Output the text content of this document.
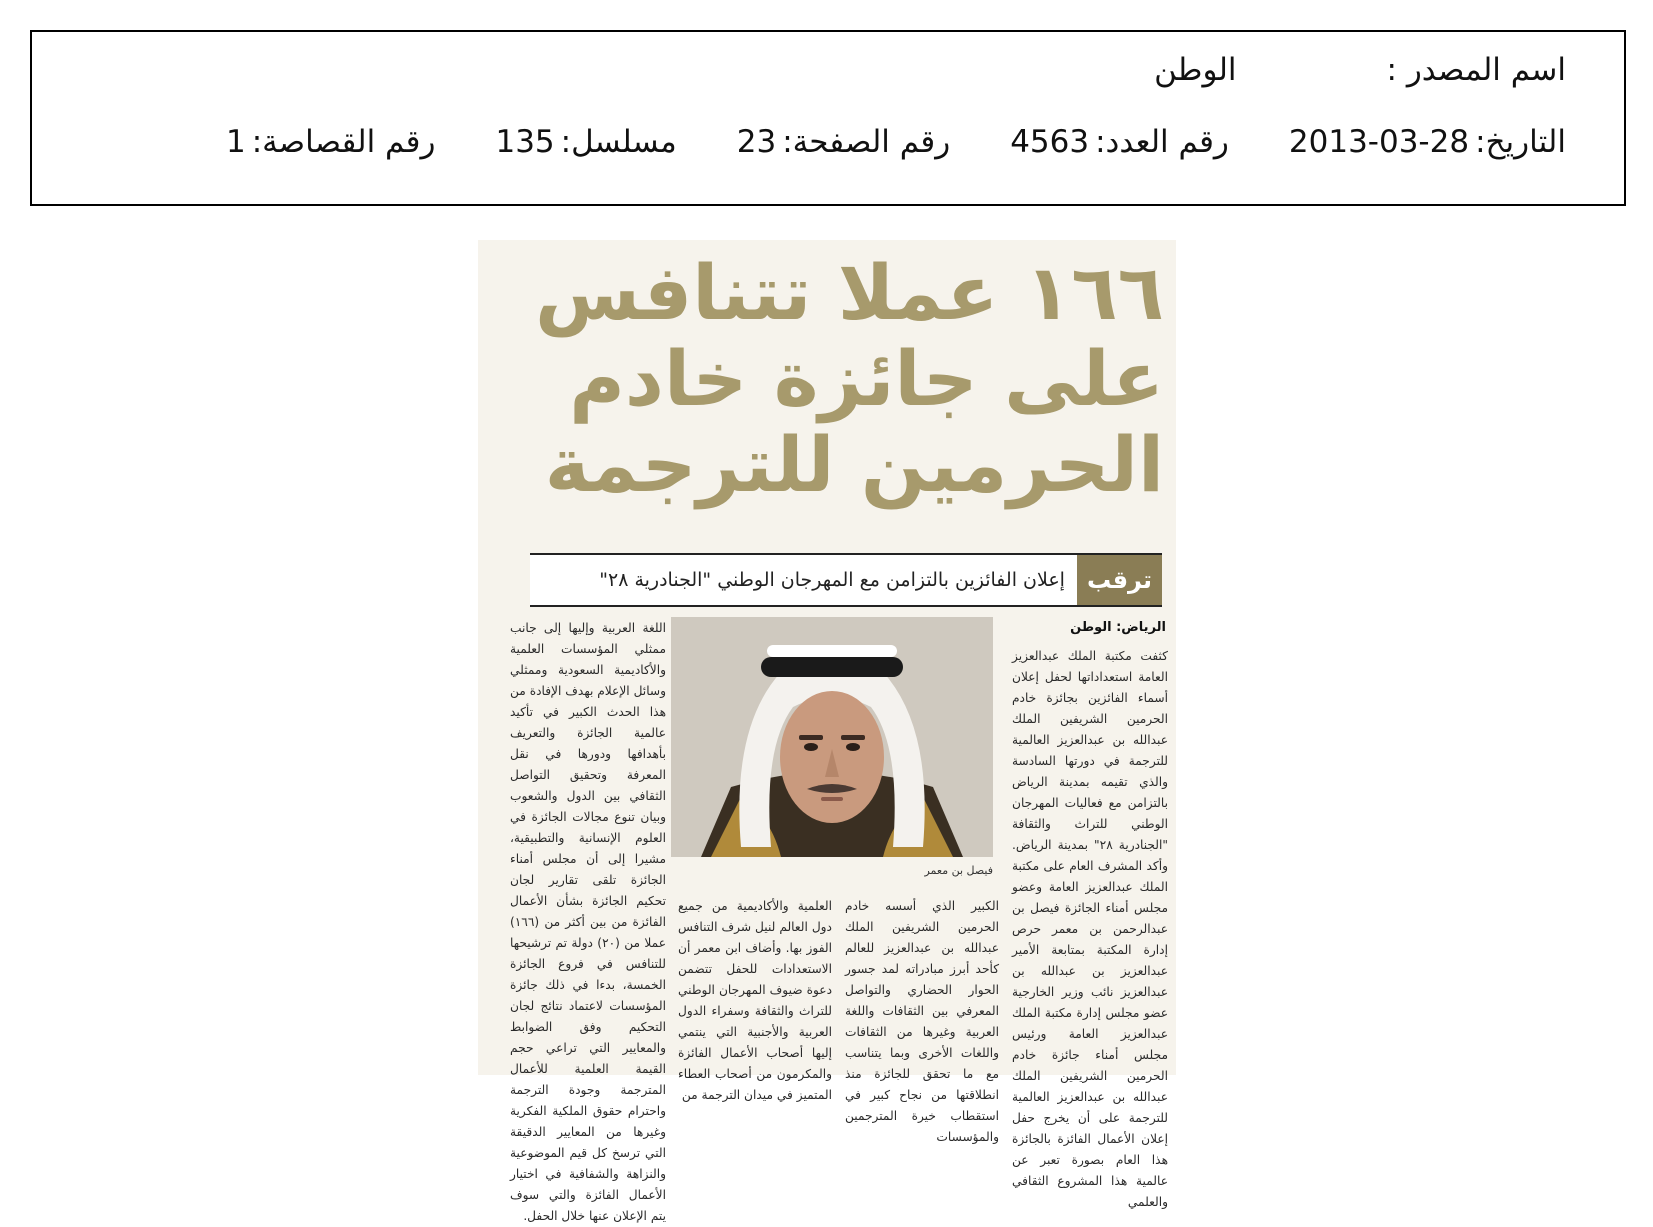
اسم المصدر :
الوطن
التاريخ:
2013-03-28
رقم العدد:
4563
رقم الصفحة:
23
مسلسل:
135
رقم القصاصة:
1
١٦٦ عملا تتنافس
على جائزة خادم
الحرمين للترجمة
ترقب
إعلان الفائزين بالتزامن مع المهرجان الوطني "الجنادرية ٢٨"
الرياض: الوطن

كثفت مكتبة الملك عبدالعزيز العامة استعداداتها لحفل إعلان أسماء الفائزين بجائزة خادم الحرمين الشريفين الملك عبدالله بن عبدالعزيز العالمية للترجمة في دورتها السادسة والذي تقيمه بمدينة الرياض بالتزامن مع فعاليات المهرجان الوطني للتراث والثقافة "الجنادرية ٢٨" بمدينة الرياض. وأكد المشرف العام على مكتبة الملك عبدالعزيز العامة وعضو مجلس أمناء الجائزة فيصل بن عبدالرحمن بن معمر حرص إدارة المكتبة بمتابعة الأمير عبدالعزيز بن عبدالله بن عبدالعزيز نائب وزير الخارجية عضو مجلس إدارة مكتبة الملك عبدالعزيز العامة ورئيس مجلس أمناء جائزة خادم الحرمين الشريفين الملك عبدالله بن عبدالعزيز العالمية للترجمة على أن يخرج حفل إعلان الأعمال الفائزة بالجائزة هذا العام بصورة تعبر عن عالمية هذا المشروع الثقافي والعلمي

فيصل بن معمر

الكبير الذي أسسه خادم الحرمين الشريفين الملك عبدالله بن عبدالعزيز للعالم كأحد أبرز مبادراته لمد جسور الحوار الحضاري والتواصل المعرفي بين الثقافات واللغة العربية وغيرها من الثقافات واللغات الأخرى وبما يتناسب مع ما تحقق للجائزة منذ انطلاقتها من نجاح كبير في استقطاب خيرة المترجمين والمؤسسات

العلمية والأكاديمية من جميع دول العالم لنيل شرف التنافس الفوز بها. وأضاف ابن معمر أن الاستعدادات للحفل تتضمن دعوة ضيوف المهرجان الوطني للتراث والثقافة وسفراء الدول العربية والأجنبية التي ينتمي إليها أصحاب الأعمال الفائزة والمكرمون من أصحاب العطاء المتميز في ميدان الترجمة من

اللغة العربية وإليها إلى جانب ممثلي المؤسسات العلمية والأكاديمية السعودية وممثلي وسائل الإعلام بهدف الإفادة من هذا الحدث الكبير في تأكيد عالمية الجائزة والتعريف بأهدافها ودورها في نقل المعرفة وتحقيق التواصل الثقافي بين الدول والشعوب وبيان تنوع مجالات الجائزة في العلوم الإنسانية والتطبيقية، مشيرا إلى أن مجلس أمناء الجائزة تلقى تقارير لجان تحكيم الجائزة بشأن الأعمال الفائزة من بين أكثر من (١٦٦) عملا من (٢٠) دولة تم ترشيحها للتنافس في فروع الجائزة الخمسة، بدءا في ذلك جائزة المؤسسات لاعتماد نتائج لجان التحكيم وفق الضوابط والمعايير التي تراعي حجم القيمة العلمية للأعمال المترجمة وجودة الترجمة واحترام حقوق الملكية الفكرية وغيرها من المعايير الدقيقة التي ترسخ كل قيم الموضوعية والنزاهة والشفافية في اختيار الأعمال الفائزة والتي سوف يتم الإعلان عنها خلال الحفل.
